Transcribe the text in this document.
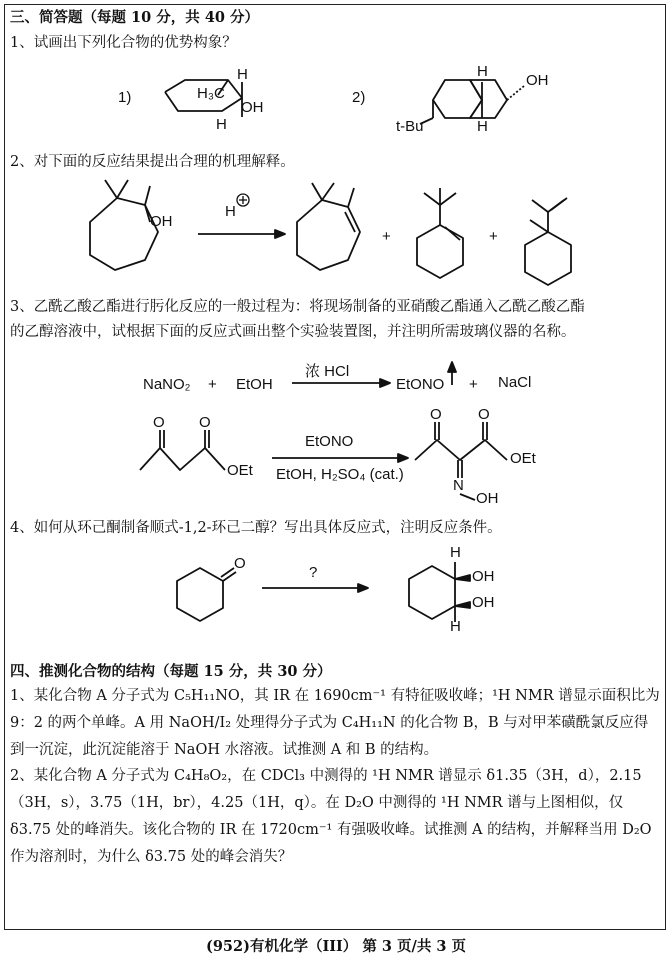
三、简答题（每题 10 分，共 40 分）
1、试画出下列化合物的优势构象？
2、对下面的反应结果提出合理的机理解释。
3、乙酰乙酸乙酯进行肟化反应的一般过程为：将现场制备的亚硝酸乙酯通入乙酰乙酸乙酯
的乙醇溶液中，试根据下面的反应式画出整个实验装置图，并注明所需玻璃仪器的名称。
4、如何从环己酮制备顺式-1,2-环己二醇？写出具体反应式，注明反应条件。
1)	2)
H
H₃C
OH
H
H
OH
t-Bu	H
OH
H
+	+
NaNO₂ + EtOH
浓 HCl
EtONO + NaCl
O O
OEt
EtONO
EtOH, H₂SO₄ (cat.)
O O
OEt
N
OH
O
?
H
OH
OH
H
四、推测化合物的结构（每题 15 分，共 30 分）
1、某化合物 A 分子式为 C₅H₁₁NO，其 IR 在 1690cm⁻¹ 有特征吸收峰；¹H NMR 谱显示面积比为 9：2 的两个单峰。A 用 NaOH/I₂ 处理得分子式为 C₄H₁₁N 的化合物 B，B 与对甲苯磺酰氯反应得到一沉淀，此沉淀能溶于 NaOH 水溶液。试推测 A 和 B 的结构。
2、某化合物 A 分子式为 C₄H₈O₂，在 CDCl₃ 中测得的 ¹H NMR 谱显示 δ1.35（3H，d），2.15（3H，s），3.75（1H，br），4.25（1H，q）。在 D₂O 中测得的 ¹H NMR 谱与上图相似，仅 δ3.75 处的峰消失。该化合物的 IR 在 1720cm⁻¹ 有强吸收峰。试推测 A 的结构，并解释当用 D₂O 作为溶剂时，为什么 δ3.75 处的峰会消失？
(952)有机化学（III） 第 3 页/共 3 页
